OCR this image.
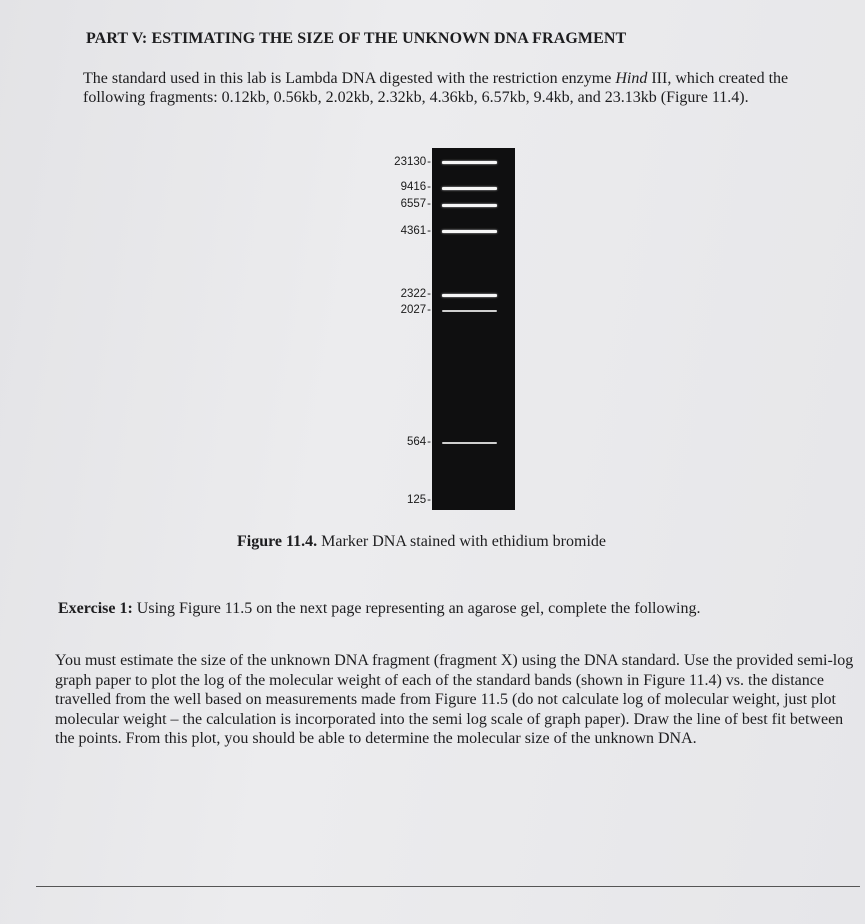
PART V: ESTIMATING THE SIZE OF THE UNKNOWN DNA FRAGMENT
The standard used in this lab is Lambda DNA digested with the restriction enzyme Hind III, which created the following fragments: 0.12kb, 0.56kb, 2.02kb, 2.32kb, 4.36kb, 6.57kb, 9.4kb, and 23.13kb (Figure 11.4).
23130 -
9416 -
6557 -
4361 -
2322 -
2027 -
564 -
125 -
Figure 11.4. Marker DNA stained with ethidium bromide
Exercise 1: Using Figure 11.5 on the next page representing an agarose gel, complete the following.
You must estimate the size of the unknown DNA fragment (fragment X) using the DNA standard. Use the provided semi-log graph paper to plot the log of the molecular weight of each of the standard bands (shown in Figure 11.4) vs. the distance travelled from the well based on measurements made from Figure 11.5 (do not calculate log of molecular weight, just plot molecular weight – the calculation is incorporated into the semi log scale of graph paper). Draw the line of best fit between the points. From this plot, you should be able to determine the molecular size of the unknown DNA.
